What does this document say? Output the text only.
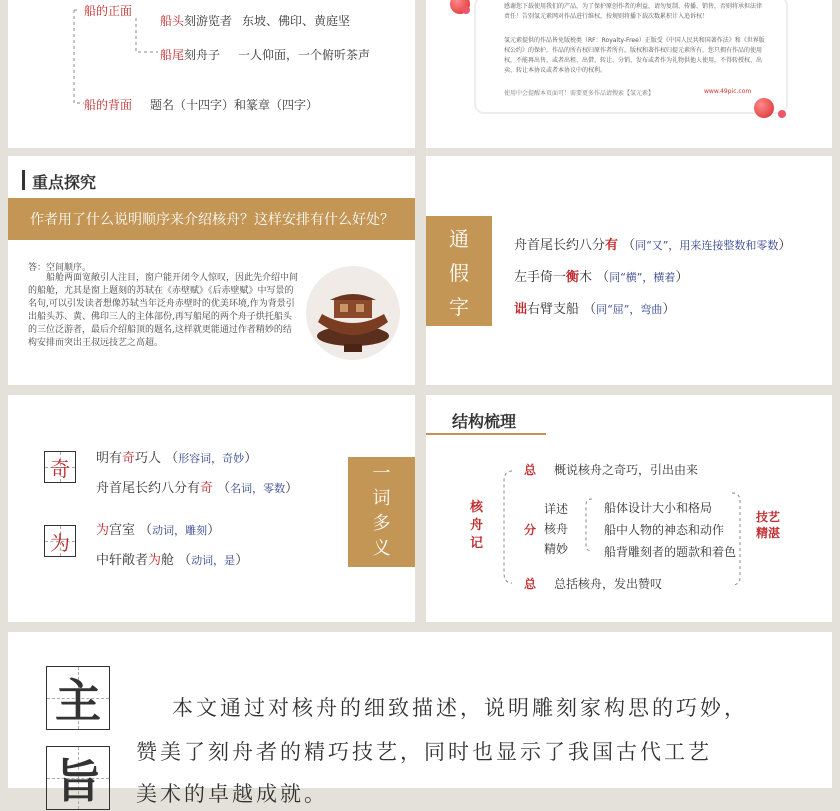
船的正面
船头刻游览者 东坡、佛印、黄庭坚
船尾刻舟子 一人仰面，一个俯听茶声
船的背面 题名（十四字）和篆章（四字）
感谢您下载使用我们的产品，为了保护原创作者的利益，请勿复制、传播、销售，否则将承担法律责任！告别氢元素网对作品进行维权，按规则将播下载次数累积计入追诉权！
氢元素提供的作品皆免版税类（RF：Royalty-Free）正版受《中国人民共和国著作法》和《世界版权公约》的保护，作品的所有权归原作者所有，版权和著作权归提元素所有，您只拥有作品的使用权，不能再出售、或者出租、出借、转让、分销、发布或者作为礼物供他人使用，不得转授权、出卖、转让本协议或者本协议中的权利。
使用中会提醒本页面可！需要更多作品请搜索【氢元素】	www.49pic.com
重点探究
作者用了什么说明顺序来介绍核舟？这样安排有什么好处？
答：空间顺序。
船舱两面宽敞引人注目，窗户能开闭令人惊叹，因此先介绍中间的船舱，尤其是窗上题刻的苏轼在《赤壁赋》《后赤壁赋》中写景的名句,可以引发读者想像苏轼当年泛舟赤壁时的优美环境,作为背景引出船头苏、黄、佛印三人的主体部份,再写船尾的两个舟子烘托船头的三位泛游者，最后介绍船顶的题名,这样就更能通过作者精妙的结构安排而突出王叔远技艺之高超。
通
假
字
舟首尾长约八分有 （同“又”，用来连接整数和零数）
左手倚一衡木 （同“横”，横着）
诎右臂支船 （同“屈”，弯曲）
奇
为
明有奇巧人 （形容词，奇妙）
舟首尾长约八分有奇 （名词，零数）
为宫室 （动词，雕刻）
中轩敞者为舱 （动词，是）
一
词
多
义
结构梳理
核
舟
记
总 概说核舟之奇巧，引出由来
分
详述
核舟
精妙
船体设计大小和格局
船中人物的神态和动作
船背雕刻者的题款和着色
技艺
精湛
总 总括核舟，发出赞叹
主
旨
本文通过对核舟的细致描述，说明雕刻家构思的巧妙，
赞美了刻舟者的精巧技艺，同时也显示了我国古代工艺
美术的卓越成就。
